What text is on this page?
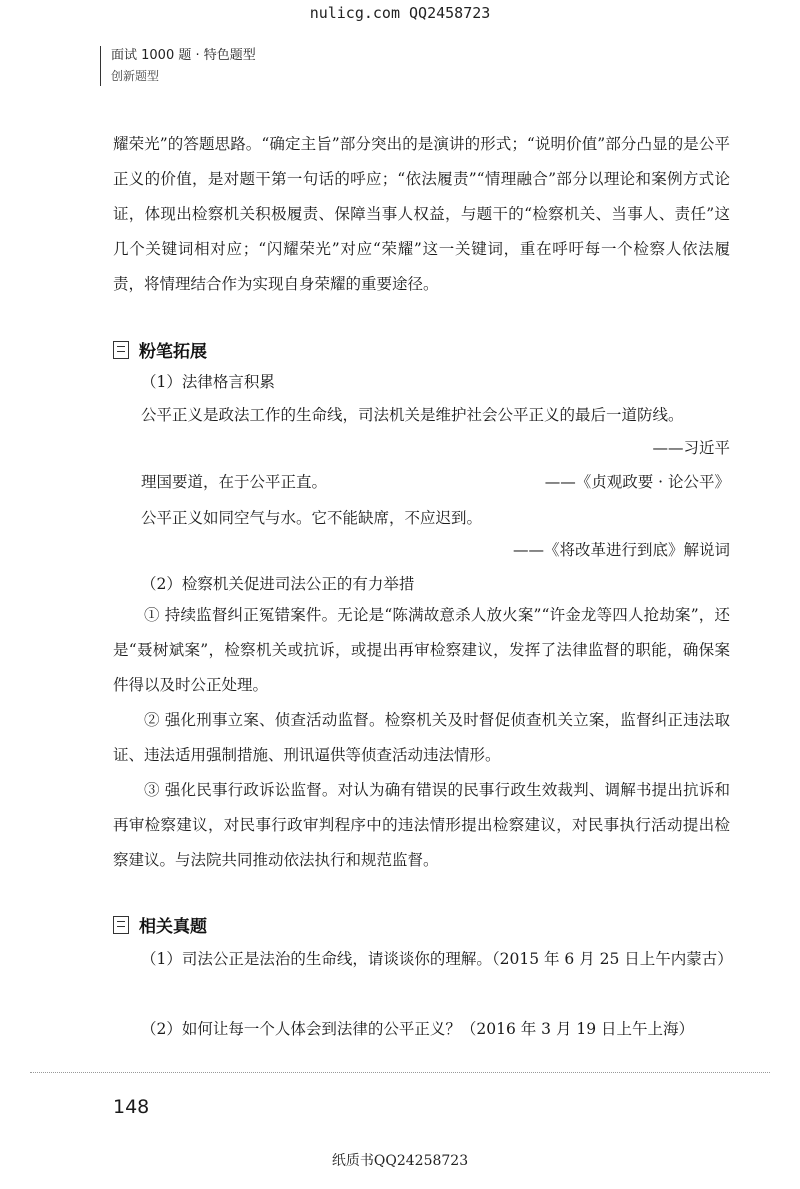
nulicg.com QQ2458723
面试 1000 题 · 特色题型
创新题型

耀荣光”的答题思路。“确定主旨”部分突出的是演讲的形式；“说明价值”部分凸显的是公平正义的价值，是对题干第一句话的呼应；“依法履责”“情理融合”部分以理论和案例方式论证，体现出检察机关积极履责、保障当事人权益，与题干的“检察机关、当事人、责任”这几个关键词相对应；“闪耀荣光”对应“荣耀”这一关键词，重在呼吁每一个检察人依法履责，将情理结合作为实现自身荣耀的重要途径。

粉笔拓展
（1）法律格言积累
公平正义是政法工作的生命线，司法机关是维护社会公平正义的最后一道防线。
——习近平
理国要道，在于公平正直。	——《贞观政要 · 论公平》
公平正义如同空气与水。它不能缺席，不应迟到。
——《将改革进行到底》解说词
（2）检察机关促进司法公正的有力举措

① 持续监督纠正冤错案件。无论是“陈满故意杀人放火案”“许金龙等四人抢劫案”，还是“聂树斌案”，检察机关或抗诉，或提出再审检察建议，发挥了法律监督的职能，确保案件得以及时公正处理。

② 强化刑事立案、侦查活动监督。检察机关及时督促侦查机关立案，监督纠正违法取证、违法适用强制措施、刑讯逼供等侦查活动违法情形。

③ 强化民事行政诉讼监督。对认为确有错误的民事行政生效裁判、调解书提出抗诉和再审检察建议，对民事行政审判程序中的违法情形提出检察建议，对民事执行活动提出检察建议。与法院共同推动依法执行和规范监督。

相关真题

（1）司法公正是法治的生命线，请谈谈你的理解。（2015 年 6 月 25 日上午内蒙古）

（2）如何让每一个人体会到法律的公平正义？（2016 年 3 月 19 日上午上海）

148
纸质书QQ24258723
